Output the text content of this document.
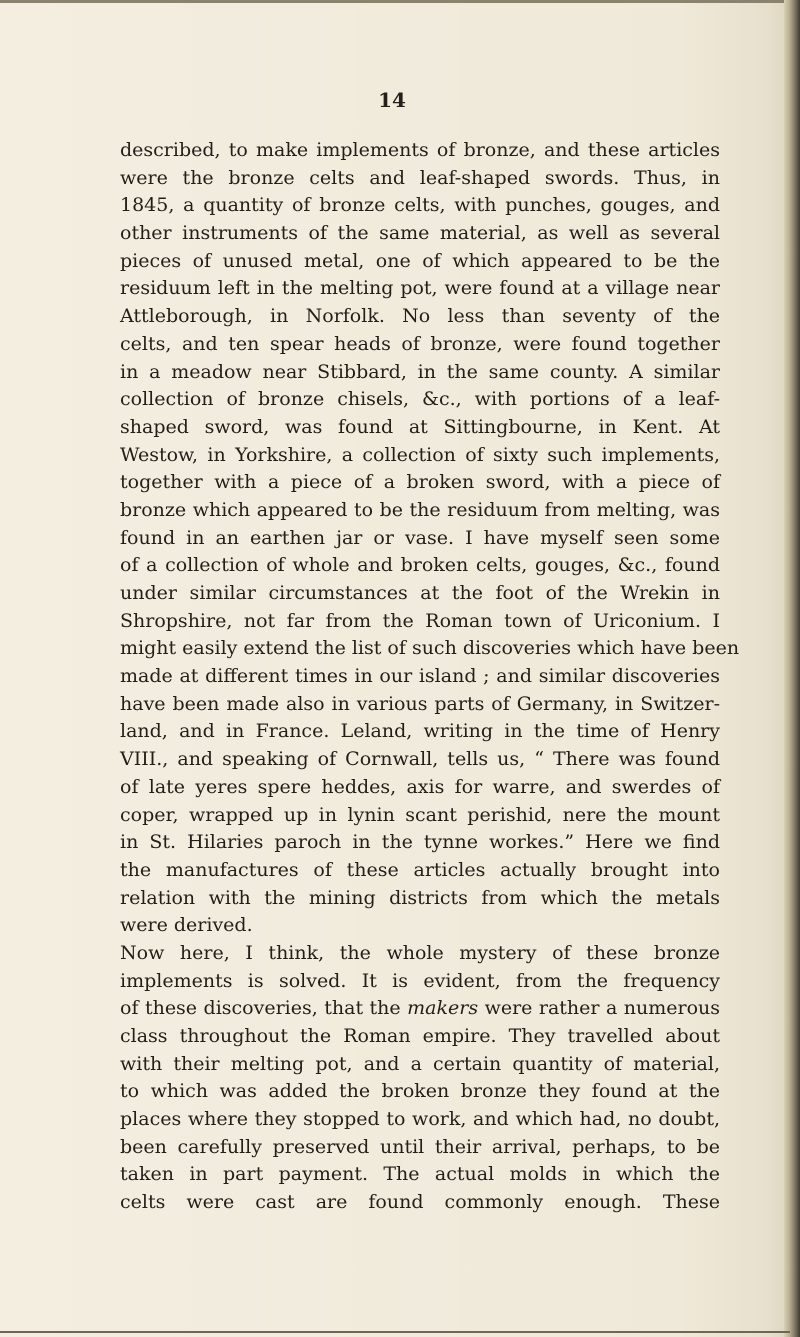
14
described, to make implements of bronze, and these articles
were the bronze celts and leaf-shaped swords. Thus, in
1845, a quantity of bronze celts, with punches, gouges, and
other instruments of the same material, as well as several
pieces of unused metal, one of which appeared to be the
residuum left in the melting pot, were found at a village near
Attleborough, in Norfolk. No less than seventy of the
celts, and ten spear heads of bronze, were found together
in a meadow near Stibbard, in the same county. A similar
collection of bronze chisels, &c., with portions of a leaf-
shaped sword, was found at Sittingbourne, in Kent. At
Westow, in Yorkshire, a collection of sixty such implements,
together with a piece of a broken sword, with a piece of
bronze which appeared to be the residuum from melting, was
found in an earthen jar or vase. I have myself seen some
of a collection of whole and broken celts, gouges, &c., found
under similar circumstances at the foot of the Wrekin in
Shropshire, not far from the Roman town of Uriconium. I
might easily extend the list of such discoveries which have been
made at different times in our island ; and similar discoveries
have been made also in various parts of Germany, in Switzer-
land, and in France. Leland, writing in the time of Henry
VIII., and speaking of Cornwall, tells us, “ There was found
of late yeres spere heddes, axis for warre, and swerdes of
coper, wrapped up in lynin scant perishid, nere the mount
in St. Hilaries paroch in the tynne workes.” Here we find
the manufactures of these articles actually brought into
relation with the mining districts from which the metals
were derived.
Now here, I think, the whole mystery of these bronze
implements is solved. It is evident, from the frequency
of these discoveries, that the makers were rather a numerous
class throughout the Roman empire. They travelled about
with their melting pot, and a certain quantity of material,
to which was added the broken bronze they found at the
places where they stopped to work, and which had, no doubt,
been carefully preserved until their arrival, perhaps, to be
taken in part payment. The actual molds in which the
celts were cast are found commonly enough. These
